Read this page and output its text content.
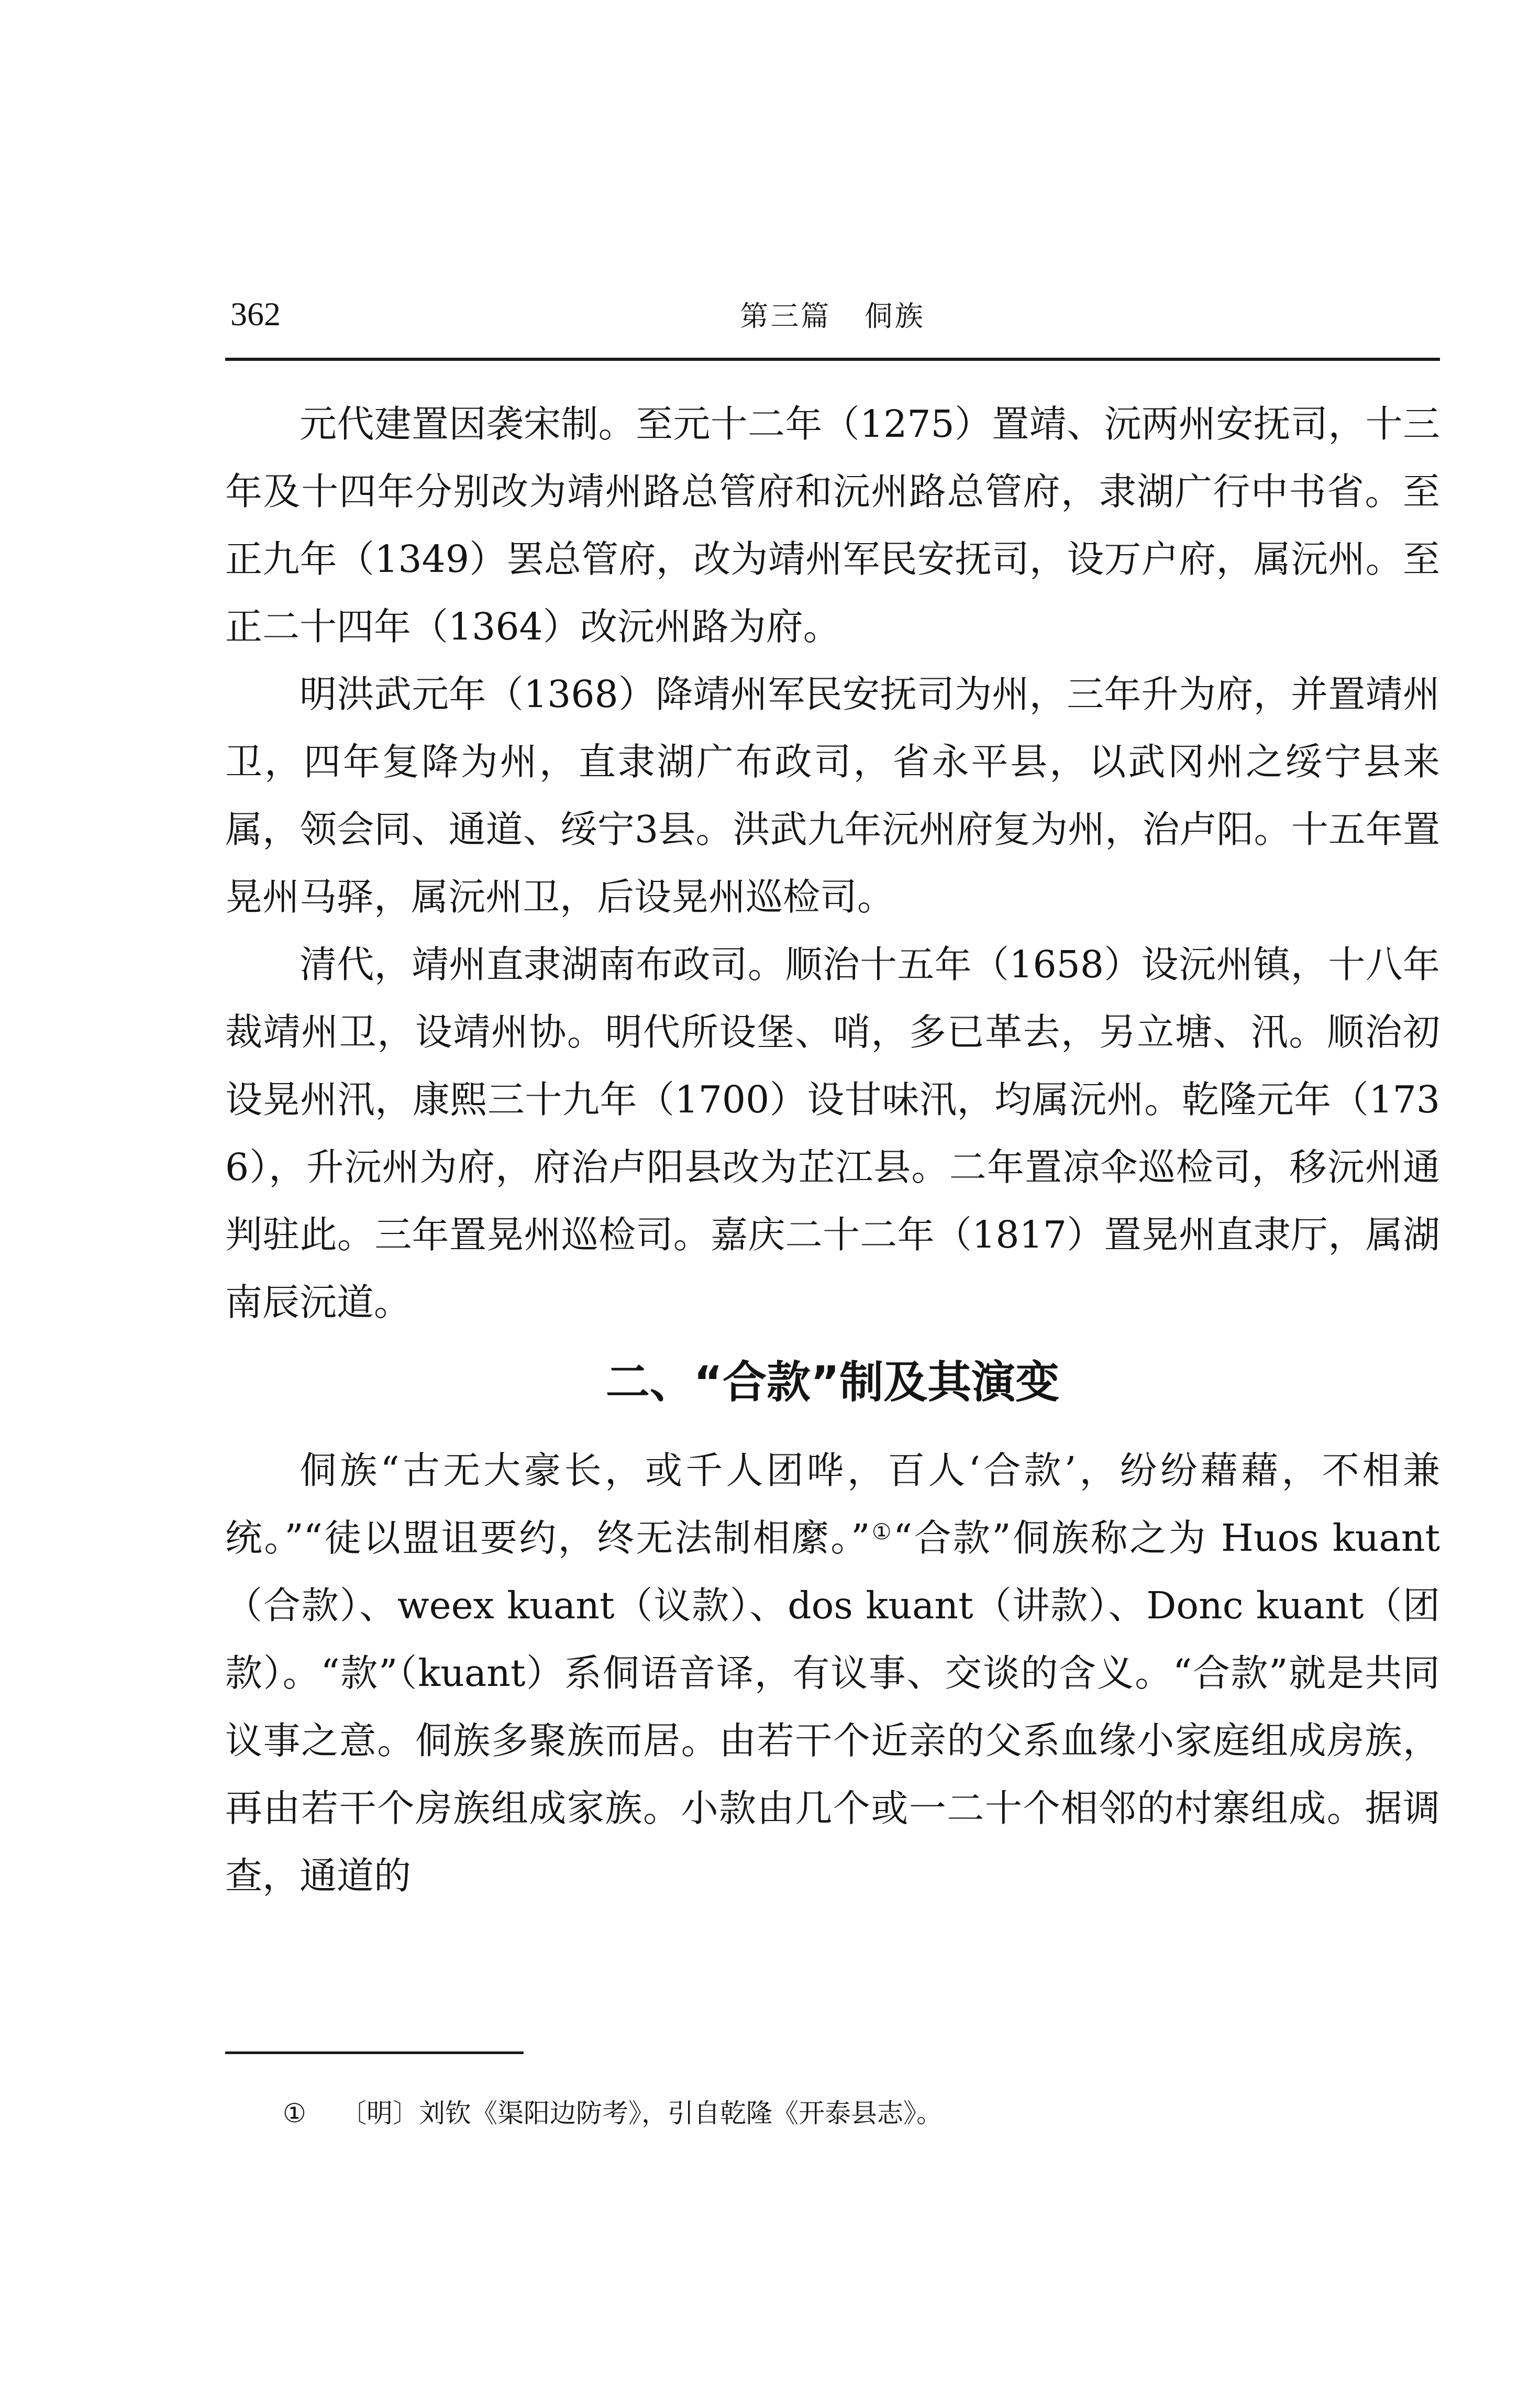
362	第三篇   侗族

元代建置因袭宋制。至元十二年（1275）置靖、沅两州安抚司，十三年及十四年分别改为靖州路总管府和沅州路总管府，隶湖广行中书省。至正九年（1349）罢总管府，改为靖州军民安抚司，设万户府，属沅州。至正二十四年（1364）改沅州路为府。

明洪武元年（1368）降靖州军民安抚司为州，三年升为府，并置靖州卫，四年复降为州，直隶湖广布政司，省永平县，以武冈州之绥宁县来属，领会同、通道、绥宁3县。洪武九年沅州府复为州，治卢阳。十五年置晃州马驿，属沅州卫，后设晃州巡检司。

清代，靖州直隶湖南布政司。顺治十五年（1658）设沅州镇，十八年裁靖州卫，设靖州协。明代所设堡、哨，多已革去，另立塘、汛。顺治初设晃州汛，康熙三十九年（1700）设甘味汛，均属沅州。乾隆元年（1736），升沅州为府，府治卢阳县改为芷江县。二年置凉伞巡检司，移沅州通判驻此。三年置晃州巡检司。嘉庆二十二年（1817）置晃州直隶厅，属湖南辰沅道。

二、“合款”制及其演变

侗族“古无大豪长，或千人团哗，百人‘合款’，纷纷藉藉，不相兼统。”“徒以盟诅要约，终无法制相縻。”①“合款”侗族称之为 Huos kuant（合款）、weex kuant（议款）、dos kuant（讲款）、Donc kuant（团款）。“款”（kuant）系侗语音译，有议事、交谈的含义。“合款”就是共同议事之意。侗族多聚族而居。由若干个近亲的父系血缘小家庭组成房族，再由若干个房族组成家族。小款由几个或一二十个相邻的村寨组成。据调查，通道的

① 〔明〕刘钦《渠阳边防考》，引自乾隆《开泰县志》。
